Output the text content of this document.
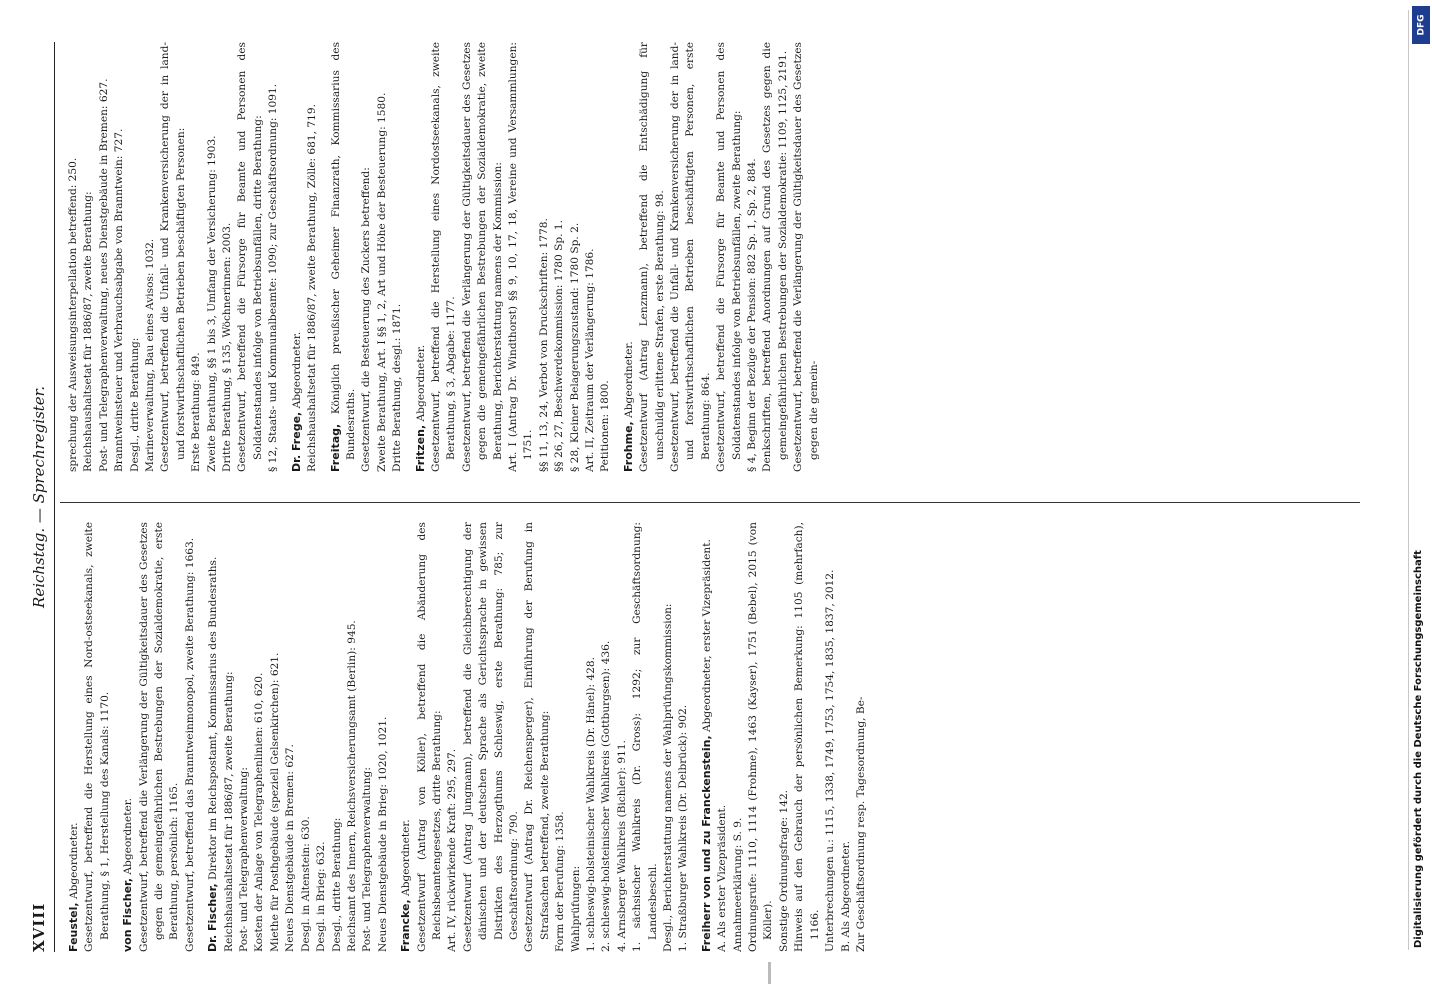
XVIII
Reichstag. — Sprechregister.
Feustel, Abgeordneter. Gesetzentwurf, betreffend die Herstellung eines Nord-ostseekanals, zweite Berathung, § 1, Herstellung des Kanals: 1170. von Fischer, Abgeordneter. Gesetzentwurf, betreffend die Verlängerung der Gültigkeitsdauer des Gesetzes gegen die gemeingefährlichen Bestrebungen der Sozialdemokratie, erste Berathung, persönlich: 1165. Gesetzentwurf, betreffend das Branntweinmonopol, zweite Berathung: 1663. Dr. Fischer, Direktor im Reichspostamt, Kommissarius des Bundesraths. Reichshaushaltsetat für 1886/87, zweite Berathung: Post- und Telegraphenverwaltung: Kosten der Anlage von Telegraphenlinien: 610, 620. Miethe für Posthgebäude (speziell Gelsenkirchen): 621. Neues Dienstgebäude in Bremen: 627. Desgl. in Altenstein: 630. Desgl. in Brieg: 632. Desgl., dritte Berathung: Reichsamt des Innern, Reichsversicherungsamt (Berlin): 945. Post- und Telegraphenverwaltung: Neues Dienstgebäude in Brieg: 1020, 1021. Francke, Abgeordneter. Gesetzentwurf (Antrag von Köller), betreffend die Abänderung des Reichsbeamtengesetzes, dritte Berathung: Art. IV, rückwirkende Kraft: 295, 297. Gesetzentwurf (Antrag Jungmann), betreffend die Gleichberechtigung der dänischen und der deutschen Sprache als Gerichtssprache in gewissen Distrikten des Herzogthums Schleswig, erste Berathung: 785; zur Geschäftsordnung: 790. Gesetzentwurf (Antrag Dr. Reichensperger), Einführung der Berufung in Strafsachen betreffend, zweite Berathung: Form der Berufung: 1358. Wahlprüfungen: 1. schleswig-holsteinischer Wahlkreis (Dr. Hänel): 428. 2. schleswig-holsteinischer Wahlkreis (Gottburgsen): 436. 4. Arnsberger Wahlkreis (Bichler): 911. 1. sächsischer Wahlkreis (Dr. Gross): 1292; zur Geschäftsordnung: Landesbeschl. Desgl., Berichterstattung namens der Wahlprüfungskommission: 1. Straßburger Wahlkreis (Dr. Delbrück): 902. Freiherr von und zu Franckenstein, Abgeordneter, erster Vizepräsident.
A. Als erster Vizepräsident. Annahmeerklärung: S. 9. Ordnungsrufe: 1110, 1114 (Frohme), 1463 (Kayser), 1751 (Bebel), 2015 (von Köller). Sonstige Ordnungsfrage: 142. Hinweis auf den Gebrauch der persönlichen Bemerkung: 1105 (mehrfach), 1166. Unterbrechungen u.: 1115, 1338, 1749, 1753, 1754, 1835, 1837, 2012. B. Als Abgeordneter. Zur Geschäftsordnung resp. Tagesordnung, Be-
sprechung der Ausweisungsinterpellation betreffend: 250. Reichshaushaltsetat für 1886/87, zweite Berathung: Post- und Telegraphenverwaltung, neues Dienstgebäude in Bremen: 627. Branntweinsteuer und Verbrauchsabgabe von Branntwein: 727. Desgl., dritte Berathung: Marineverwaltung, Bau eines Avisos: 1032. Gesetzentwurf, betreffend die Unfall- und Krankenversicherung der in land- und forstwirthschaftlichen Betrieben beschäftigten Personen: Erste Berathung: 849. Zweite Berathung, §§ 1 bis 3, Umfang der Versicherung: 1903. Dritte Berathung, § 135, Wöchnerinnen: 2003. Gesetzentwurf, betreffend die Fürsorge für Beamte und Personen des Soldatenstandes infolge von Betriebsunfällen, dritte Berathung: § 12, Staats- und Kommunalbeamte: 1090; zur Geschäftsordnung: 1091. Dr. Frege, Abgeordneter. Reichshaushaltsetat für 1886/87, zweite Berathung, Zölle: 681, 719. Freitag, Königlich preußischer Geheimer Finanzrath, Kommissarius des Bundesraths. Gesetzentwurf, die Besteuerung des Zuckers betreffend: Zweite Berathung, Art. I §§ 1, 2, Art und Höhe der Besteuerung: 1580. Dritte Berathung, desgl.: 1871. Fritzen, Abgeordneter. Gesetzentwurf, betreffend die Herstellung eines Nordostseekanals, zweite Berathung, § 3, Abgabe: 1177. Gesetzentwurf, betreffend die Verlängerung der Gültigkeitsdauer des Gesetzes gegen die gemeingefährlichen Bestrebungen der Sozialdemokratie, zweite Berathung, Berichterstattung namens der Kommission: Art. I (Antrag Dr. Windthorst) §§ 9, 10, 17, 18, Vereine und Versammlungen: 1751. §§ 11, 13, 24, Verbot von Druckschriften: 1778. §§ 26, 27, Beschwerdekommission: 1780 Sp. 1. § 28, Kleiner Belagerungszustand: 1780 Sp. 2. Art. II, Zeitraum der Verlängerung: 1786. Petitionen: 1800. Frohme, Abgeordneter. Gesetzentwurf (Antrag Lenzmann), betreffend die Entschädigung für unschuldig erlittene Strafen, erste Berathung: 98. Gesetzentwurf, betreffend die Unfall- und Krankenversicherung der in land- und forstwirthschaftlichen Betrieben beschäftigten Personen, erste Berathung: 864. Gesetzentwurf, betreffend die Fürsorge für Beamte und Personen des Soldatenstandes infolge von Betriebsunfällen, zweite Berathung: § 4, Beginn der Bezüge der Pension: 882 Sp. 1, Sp. 2, 884. Denkschriften, betreffend Anordnungen auf Grund des Gesetzes gegen die gemeingefährlichen Bestrebungen der Sozialdemokratie: 1109, 1125, 2191. Gesetzentwurf, betreffend die Verlängerung der Gültigkeitsdauer des Gesetzes gegen die gemein-
Digitalisierung gefördert durch die Deutsche Forschungsgemeinschaft
DFG
